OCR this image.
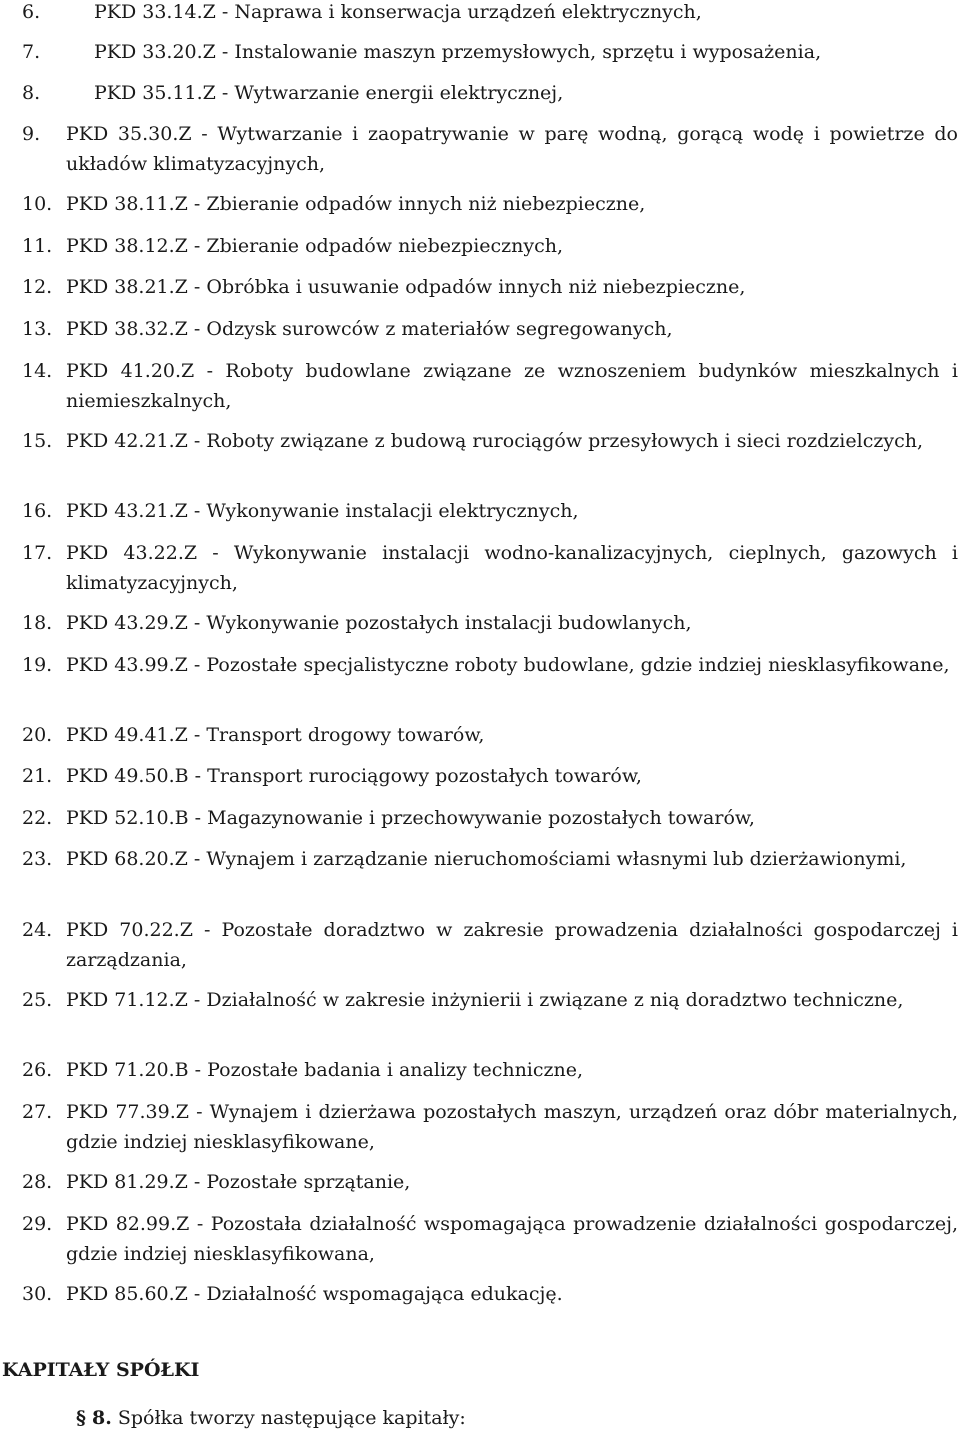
6.	PKD 33.14.Z - Naprawa i konserwacja urządzeń elektrycznych,
7.	PKD 33.20.Z - Instalowanie maszyn przemysłowych, sprzętu i wyposażenia,
8.	PKD 35.11.Z - Wytwarzanie energii elektrycznej,
9. PKD 35.30.Z - Wytwarzanie i zaopatrywanie w parę wodną, gorącą wodę i powietrze do układów klimatyzacyjnych,
10. PKD 38.11.Z - Zbieranie odpadów innych niż niebezpieczne,
11. PKD 38.12.Z - Zbieranie odpadów niebezpiecznych,
12. PKD 38.21.Z - Obróbka i usuwanie odpadów innych niż niebezpieczne,
13. PKD 38.32.Z - Odzysk surowców z materiałów segregowanych,
14. PKD 41.20.Z - Roboty budowlane związane ze wznoszeniem budynków mieszkalnych i niemieszkalnych,
15. PKD 42.21.Z - Roboty związane z budową rurociągów przesyłowych i sieci rozdzielczych,
16. PKD 43.21.Z - Wykonywanie instalacji elektrycznych,
17. PKD 43.22.Z - Wykonywanie instalacji wodno-kanalizacyjnych, cieplnych, gazowych i klimatyzacyjnych,
18. PKD 43.29.Z - Wykonywanie pozostałych instalacji budowlanych,
19. PKD 43.99.Z - Pozostałe specjalistyczne roboty budowlane, gdzie indziej niesklasyfikowane,
20. PKD 49.41.Z - Transport drogowy towarów,
21. PKD 49.50.B - Transport rurociągowy pozostałych towarów,
22. PKD 52.10.B - Magazynowanie i przechowywanie pozostałych towarów,
23. PKD 68.20.Z - Wynajem i zarządzanie nieruchomościami własnymi lub dzierżawionymi,
24. PKD 70.22.Z - Pozostałe doradztwo w zakresie prowadzenia działalności gospodarczej i zarządzania,
25. PKD 71.12.Z - Działalność w zakresie inżynierii i związane z nią doradztwo techniczne,
26. PKD 71.20.B - Pozostałe badania i analizy techniczne,
27. PKD 77.39.Z - Wynajem i dzierżawa pozostałych maszyn, urządzeń oraz dóbr materialnych, gdzie indziej niesklasyfikowane,
28. PKD 81.29.Z - Pozostałe sprzątanie,
29. PKD 82.99.Z - Pozostała działalność wspomagająca prowadzenie działalności gospodarczej, gdzie indziej niesklasyfikowana,
30. PKD 85.60.Z - Działalność wspomagająca edukację.
KAPITAŁY SPÓŁKI

§ 8. Spółka tworzy następujące kapitały:
